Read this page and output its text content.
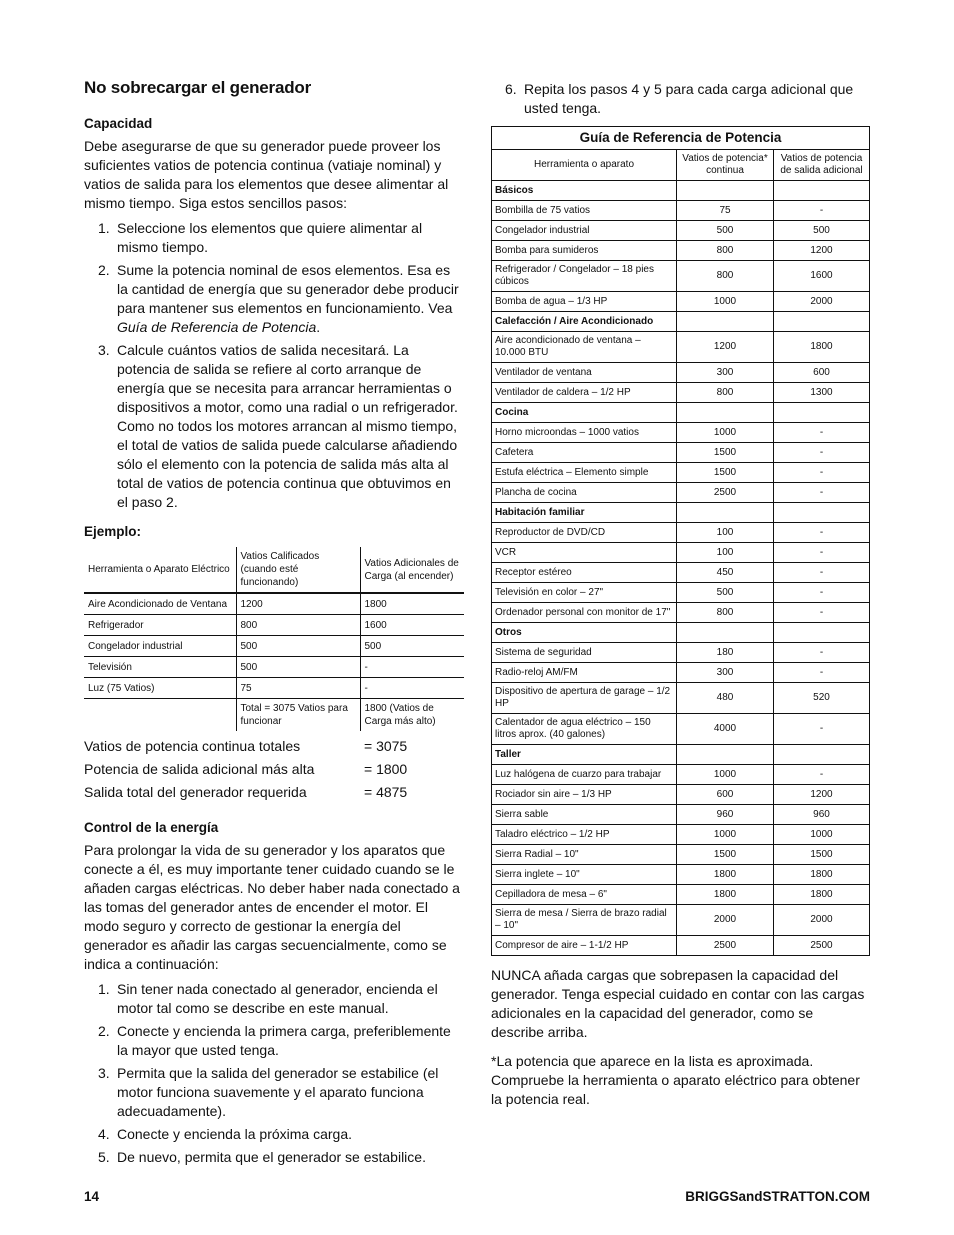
No sobrecargar el generador
Capacidad

Debe asegurarse de que su generador puede proveer los suficientes vatios de potencia continua (vatiaje nominal) y vatios de salida para los elementos que desee alimentar al mismo tiempo. Siga estos sencillos pasos:

1. Seleccione los elementos que quiere alimentar al mismo tiempo.
2. Sume la potencia nominal de esos elementos. Esa es la cantidad de energía que su generador debe producir para mantener sus elementos en funcionamiento. Vea Guía de Referencia de Potencia.
3. Calcule cuántos vatios de salida necesitará. La potencia de salida se refiere al corto arranque de energía que se necesita para arrancar herramientas o dispositivos a motor, como una radial o un refrigerador. Como no todos los motores arrancan al mismo tiempo, el total de vatios de salida puede calcularse añadiendo sólo el elemento con la potencia de salida más alta al total de vatios de potencia continua que obtuvimos en el paso 2.
Ejemplo:
Herramienta o Aparato Eléctrico	Vatios Calificados (cuando esté funcionando)	Vatios Adicionales de Carga (al encender)
Aire Acondicionado de Ventana	1200	1800
Refrigerador	800	1600
Congelador industrial	500	500
Televisión	500	-
Luz (75 Vatios)	75	-
	Total = 3075 Vatios para funcionar	1800 (Vatios de Carga más alto)
Vatios de potencia continua totales	= 3075
Potencia de salida adicional más alta	= 1800
Salida total del generador requerida	= 4875
Control de la energía

Para prolongar la vida de su generador y los aparatos que conecte a él, es muy importante tener cuidado cuando se le añaden cargas eléctricas. No deber haber nada conectado a las tomas del generador antes de encender el motor. El modo seguro y correcto de gestionar la energía del generador es añadir las cargas secuencialmente, como se indica a continuación:

1. Sin tener nada conectado al generador, encienda el motor tal como se describe en este manual.
2. Conecte y encienda la primera carga, preferiblemente la mayor que usted tenga.
3. Permita que la salida del generador se estabilice (el motor funciona suavemente y el aparato funciona adecuadamente).
4. Conecte y encienda la próxima carga.
5. De nuevo, permita que el generador se estabilice.
6. Repita los pasos 4 y 5 para cada carga adicional que usted tenga.
Guía de Referencia de Potencia		
Herramienta o aparato	Vatios de potencia* continua	Vatios de potencia de salida adicional
Básicos		
Bombilla de 75 vatios	75	-
Congelador industrial	500	500
Bomba para sumideros	800	1200
Refrigerador / Congelador – 18 pies cúbicos	800	1600
Bomba de agua – 1/3 HP	1000	2000
Calefacción / Aire Acondicionado		
Aire acondicionado de ventana – 10.000 BTU	1200	1800
Ventilador de ventana	300	600
Ventilador de caldera – 1/2 HP	800	1300
Cocina		
Horno microondas – 1000 vatios	1000	-
Cafetera	1500	-
Estufa eléctrica – Elemento simple	1500	-
Plancha de cocina	2500	-
Habitación familiar		
Reproductor de DVD/CD	100	-
VCR	100	-
Receptor estéreo	450	-
Televisión en color – 27"	500	-
Ordenador personal con monitor de 17"	800	-
Otros		
Sistema de seguridad	180	-
Radio-reloj AM/FM	300	-
Dispositivo de apertura de garage – 1/2 HP	480	520
Calentador de agua eléctrico – 150 litros aprox. (40 galones)	4000	-
Taller		
Luz halógena de cuarzo para trabajar	1000	-
Rociador sin aire – 1/3 HP	600	1200
Sierra sable	960	960
Taladro eléctrico – 1/2 HP	1000	1000
Sierra Radial – 10"	1500	1500
Sierra inglete – 10"	1800	1800
Cepilladora de mesa – 6"	1800	1800
Sierra de mesa / Sierra de brazo radial – 10"	2000	2000
Compresor de aire – 1-1/2 HP	2500	2500

NUNCA añada cargas que sobrepasen la capacidad del generador. Tenga especial cuidado en contar con las cargas adicionales en la capacidad del generador, como se describe arriba.

*La potencia que aparece en la lista es aproximada. Compruebe la herramienta o aparato eléctrico para obtener la potencia real.

14	BRIGGSandSTRATTON.COM
